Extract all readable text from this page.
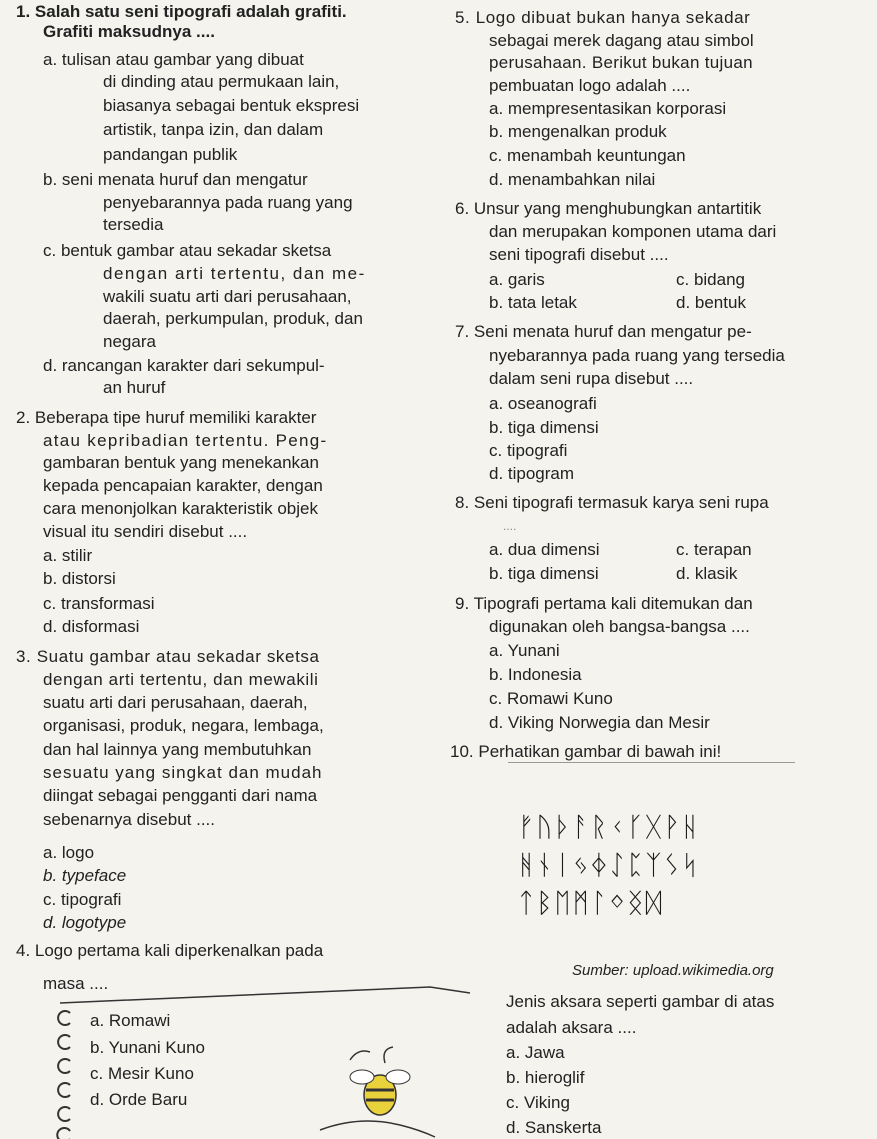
1. Salah satu seni tipografi adalah grafiti.
Grafiti maksudnya ....
a. tulisan atau gambar yang dibuat
di dinding atau permukaan lain,
biasanya sebagai bentuk ekspresi
artistik, tanpa izin, dan dalam
pandangan publik
b. seni menata huruf dan mengatur
penyebarannya pada ruang yang
tersedia
c. bentuk gambar atau sekadar sketsa
dengan arti tertentu, dan me-
wakili suatu arti dari perusahaan,
daerah, perkumpulan, produk, dan
negara
d. rancangan karakter dari sekumpul-
an huruf
2. Beberapa tipe huruf memiliki karakter
atau kepribadian tertentu. Peng-
gambaran bentuk yang menekankan
kepada pencapaian karakter, dengan
cara menonjolkan karakteristik objek
visual itu sendiri disebut ....
a. stilir
b. distorsi
c. transformasi
d. disformasi
3. Suatu gambar atau sekadar sketsa
dengan arti tertentu, dan mewakili
suatu arti dari perusahaan, daerah,
organisasi, produk, negara, lembaga,
dan hal lainnya yang membutuhkan
sesuatu yang singkat dan mudah
diingat sebagai pengganti dari nama
sebenarnya disebut ....
a. logo
b. typeface
c. tipografi
d. logotype
4. Logo pertama kali diperkenalkan pada
masa ....
a. Romawi
b. Yunani Kuno
c. Mesir Kuno
d. Orde Baru
5. Logo dibuat bukan hanya sekadar
sebagai merek dagang atau simbol
perusahaan. Berikut bukan tujuan
pembuatan logo adalah ....
a. mempresentasikan korporasi
b. mengenalkan produk
c. menambah keuntungan
d. menambahkan nilai
6. Unsur yang menghubungkan antartitik
dan merupakan komponen utama dari
seni tipografi disebut ....
a. garis	c. bidang
b. tata letak	d. bentuk
7. Seni menata huruf dan mengatur pe-
nyebarannya pada ruang yang tersedia
dalam seni rupa disebut ....
a. oseanografi
b. tiga dimensi
c. tipografi
d. tipogram
8. Seni tipografi termasuk karya seni rupa
....
a. dua dimensi	c. terapan
b. tiga dimensi	d. klasik
9. Tipografi pertama kali ditemukan dan
digunakan oleh bangsa-bangsa ....
a. Yunani
b. Indonesia
c. Romawi Kuno
d. Viking Norwegia dan Mesir
10. Perhatikan gambar di bawah ini!
ᚠᚢᚦᚨᚱᚲᚴᚷᚹᚺ
ᚻᚾᛁᛃᛄᛇᛈᛉᛊᛋ
ᛏᛒᛖᛗᛚᛜᛝᛞ
Sumber: upload.wikimedia.org
Jenis aksara seperti gambar di atas
adalah aksara ....
a. Jawa
b. hieroglif
c. Viking
d. Sanskerta
